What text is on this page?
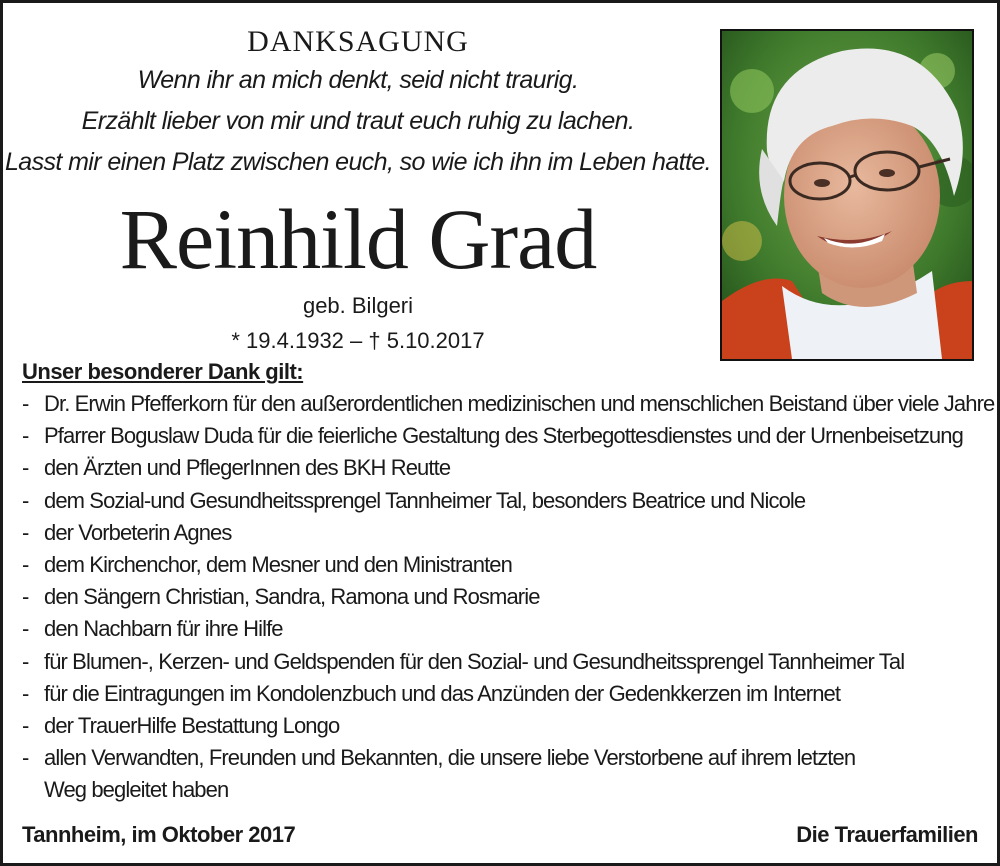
DANKSAGUNG
Wenn ihr an mich denkt, seid nicht traurig.
Erzählt lieber von mir und traut euch ruhig zu lachen.
Lasst mir einen Platz zwischen euch, so wie ich ihn im Leben hatte.
Reinhild Grad
geb. Bilgeri
* 19.4.1932 – † 5.10.2017
Unser besonderer Dank gilt:
- Dr. Erwin Pfefferkorn für den außerordentlichen medizinischen und menschlichen Beistand über viele Jahre
- Pfarrer Boguslaw Duda für die feierliche Gestaltung des Sterbegottesdienstes und der Urnenbeisetzung
- den Ärzten und PflegerInnen des BKH Reutte
- dem Sozial-und Gesundheitssprengel Tannheimer Tal, besonders Beatrice und Nicole
- der Vorbeterin Agnes
- dem Kirchenchor, dem Mesner und den Ministranten
- den Sängern Christian, Sandra, Ramona und Rosmarie
- den Nachbarn für ihre Hilfe
- für Blumen-, Kerzen- und Geldspenden für den Sozial- und Gesundheitssprengel Tannheimer Tal
- für die Eintragungen im Kondolenzbuch und das Anzünden der Gedenkkerzen im Internet
- der TrauerHilfe Bestattung Longo
- allen Verwandten, Freunden und Bekannten, die unsere liebe Verstorbene auf ihrem letzten
Weg begleitet haben
Tannheim, im Oktober 2017	Die Trauerfamilien
